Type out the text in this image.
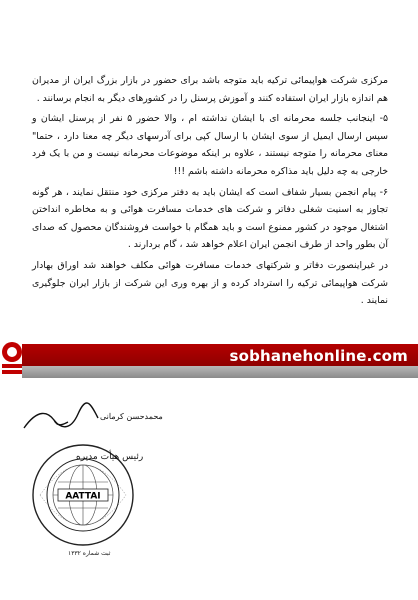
مرکزی شرکت هواپیمائی ترکیه باید متوجه باشد برای حضور در بازار بزرگ ایران از مدیران هم اندازه بازار ایران استفاده کنند و آموزش پرسنل را در کشورهای دیگر به انجام برسانند .

۵- اینجانب جلسه محرمانه ای با ایشان نداشته ام ، والا حضور ۵ نفر از پرسنل ایشان و سپس ارسال ایمیل از سوی ایشان با ارسال کپی برای آدرسهای دیگر چه معنا دارد ، حتما" معنای محرمانه را متوجه نیستند ، علاوه بر اینکه موضوعات محرمانه نیست و من با یک فرد خارجی به چه دلیل باید مذاکره محرمانه داشته باشم !!!

۶- پیام انجمن بسیار شفاف است که ایشان باید به دفتر مرکزی خود منتقل نمایند ، هر گونه تجاوز به اسنیت شغلی دفاتر و شرکت های خدمات مسافرت هوائی و به مخاطره انداختن اشتغال موجود در کشور ممنوع است و باید همگام با خواست فروشندگان محصول که صدای آن بطور واحد از طرف انجمن ایران اعلام خواهد شد ، گام بردارند .

در غیراینصورت دفاتر و شرکتهای خدمات مسافرت هوائی مکلف خواهند شد اوراق بهادار شرکت هواپیمائی ترکیه را استرداد کرده و از بهره وری این شرکت از بازار ایران جلوگیری نمایند .

sobhanehonline.com
محمدحسن کرمانی
AATTAI
رئیس هیأت مدیره
ثبت شماره ۱۳۳۲
